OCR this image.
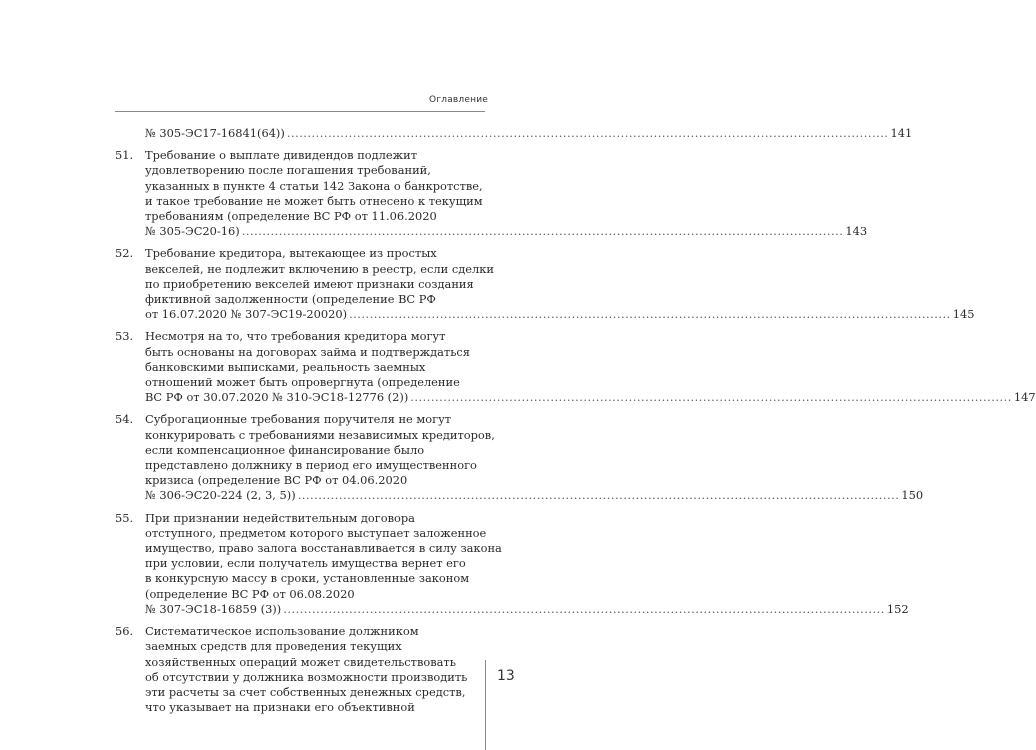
Оглавление
№ 305-ЭС17-16841(64)) .................................................................................................................................................. 141
51.	Требование о выплате дивидендов подлежит
удовлетворению после погашения требований,
указанных в пункте 4 статьи 142 Закона о банкротстве,
и такое требование не может быть отнесено к текущим
требованиям (определение ВС РФ от 11.06.2020
№ 305-ЭС20-16) .................................................................................................................................................. 143
52.	Требование кредитора, вытекающее из простых
векселей, не подлежит включению в реестр, если сделки
по приобретению векселей имеют признаки создания
фиктивной задолженности (определение ВС РФ
от 16.07.2020 № 307-ЭС19-20020) .................................................................................................................................................. 145
53.	Несмотря на то, что требования кредитора могут
быть основаны на договорах займа и подтверждаться
банковскими выписками, реальность заемных
отношений может быть опровергнута (определение
ВС РФ от 30.07.2020 № 310-ЭС18-12776 (2)) .................................................................................................................................................. 147
54.	Суброгационные требования поручителя не могут
конкурировать с требованиями независимых кредиторов,
если компенсационное финансирование было
представлено должнику в период его имущественного
кризиса (определение ВС РФ от 04.06.2020
№ 306-ЭС20-224 (2, 3, 5)) .................................................................................................................................................. 150
55.	При признании недействительным договора
отступного, предметом которого выступает заложенное
имущество, право залога восстанавливается в силу закона
при условии, если получатель имущества вернет его
в конкурсную массу в сроки, установленные законом
(определение ВС РФ от 06.08.2020
№ 307-ЭС18-16859 (3)) .................................................................................................................................................. 152
56.	Систематическое использование должником
заемных средств для проведения текущих
хозяйственных операций может свидетельствовать
об отсутствии у должника возможности производить
эти расчеты за счет собственных денежных средств,
что указывает на признаки его объективной
13
